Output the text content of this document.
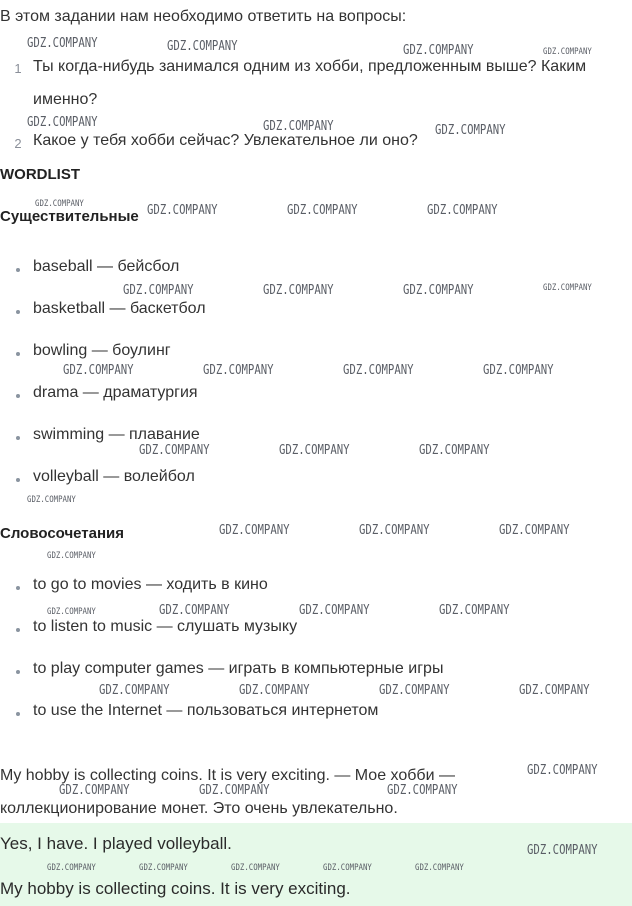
В этом задании нам необходимо ответить на вопросы:
1 Ты когда-нибудь занимался одним из хобби, предложенным выше? Каким
именно?
2 Какое у тебя хобби сейчас? Увлекательное ли оно?
WORDLIST
Существительные
baseball — бейсбол
basketball — баскетбол
bowling — боулинг
drama — драматургия
swimming — плавание
volleyball — волейбол
Словосочетания
to go to movies — ходить в кино
to listen to music — слушать музыку
to play computer games — играть в компьютерные игры
to use the Internet — пользоваться интернетом
My hobby is collecting coins. It is very exciting. — Мое хобби —
коллекционирование монет. Это очень увлекательно.
Yes, I have. I played volleyball.
My hobby is collecting coins. It is very exciting.
GDZ.COMPANY	GDZ.COMPANY	GDZ.COMPANY	GDZ.COMPANY
GDZ.COMPANY	GDZ.COMPANY	GDZ.COMPANY
GDZ.COMPANY	GDZ.COMPANY	GDZ.COMPANY	GDZ.COMPANY
GDZ.COMPANY	GDZ.COMPANY	GDZ.COMPANY	GDZ.COMPANY
GDZ.COMPANY	GDZ.COMPANY	GDZ.COMPANY	GDZ.COMPANY
GDZ.COMPANY	GDZ.COMPANY	GDZ.COMPANY
GDZ.COMPANY
GDZ.COMPANY	GDZ.COMPANY	GDZ.COMPANY
GDZ.COMPANY
GDZ.COMPANY	GDZ.COMPANY	GDZ.COMPANY	GDZ.COMPANY
GDZ.COMPANY	GDZ.COMPANY	GDZ.COMPANY	GDZ.COMPANY
GDZ.COMPANY
GDZ.COMPANY	GDZ.COMPANY	GDZ.COMPANY
GDZ.COMPANY
GDZ.COMPANY	GDZ.COMPANY	GDZ.COMPANY	GDZ.COMPANY	GDZ.COMPANY
